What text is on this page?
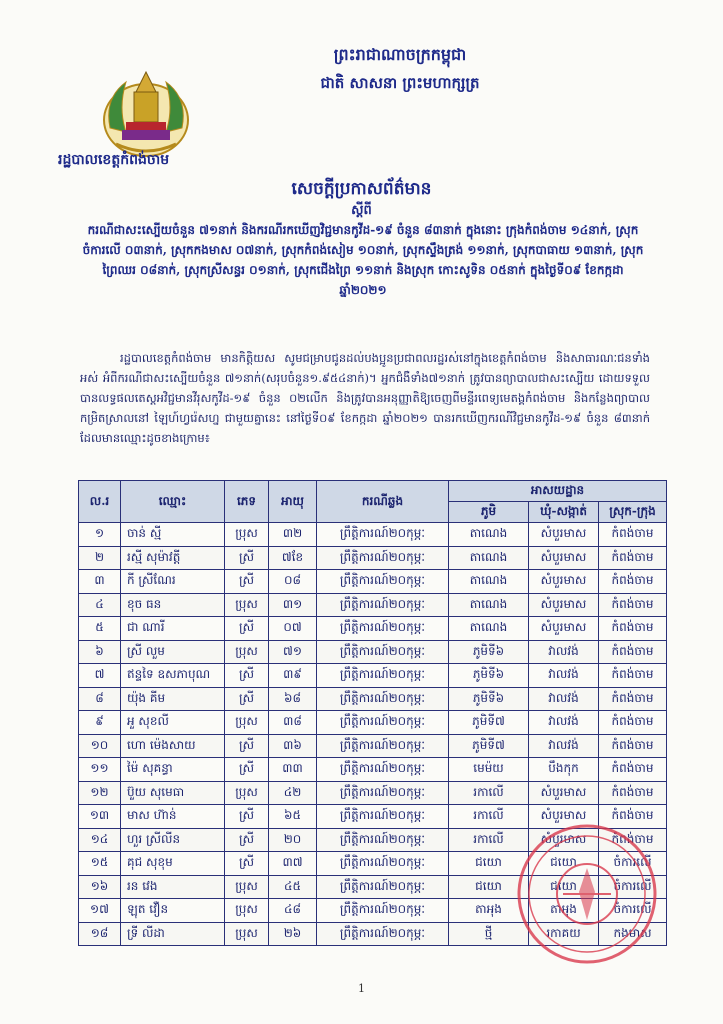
ព្រះរាជាណាចក្រកម្ពុជា
ជាតិ សាសនា ព្រះមហាក្សត្រ
រដ្ឋបាលខេត្តកំពង់ចាម
សេចក្ដីប្រកាសព័ត៌មាន
ស្ដីពី
ករណីជាសះស្បើយចំនួន ៧១នាក់ និងករណីរកឃើញវិជ្ជមានកូវីដ-១៩ ចំនួន ៨៣នាក់ ក្នុងនោះ ក្រុងកំពង់ចាម ១៤នាក់, ស្រុកចំការលើ ០៣នាក់, ស្រុកកងមាស ០៧នាក់, ស្រុកកំពង់សៀម ១០នាក់, ស្រុកស្ទឹងត្រង់ ១១នាក់, ស្រុកបាធាយ ១៣នាក់, ស្រុកព្រៃឈរ ០៨នាក់, ស្រុកស្រីសន្ធរ ០១នាក់, ស្រុកជើងព្រៃ ១១នាក់ និងស្រុក កោះសូទិន ០៥នាក់ ក្នុងថ្ងៃទី០៩ ខែកក្កដា ឆ្នាំ២០២១
រដ្ឋបាលខេត្តកំពង់ចាម មានកិត្តិយស សូមជម្រាបជូនដល់បងប្អូនប្រជាពលរដ្ឋរស់នៅក្នុងខេត្តកំពង់ចាម និងសាធារណៈជនទាំងអស់ អំពីករណីជាសះស្បើយចំនួន ៧១នាក់(សរុបចំនួន១.៩៥៤នាក់)។ អ្នកជំងឺទាំង៧១នាក់ ត្រូវបានព្យាបាលជាសះស្បើយ ដោយទទួលបានលទ្ធផលតេស្តអវិជ្ជមានវីរុសកូវីដ-១៩ ចំនួន ០២លើក និងត្រូវបានអនុញ្ញាតិឱ្យចេញពីមន្ទីរពេទ្យមេតង្គកំពង់ចាម និងកន្លែងព្យាបាលកម្រិតស្រាលនៅ ឡៃហ៍ហ្វរ៉េសហ្ន ជាមួយគ្នានេះ នៅថ្ងៃទី០៩ ខែកក្កដា ឆ្នាំ២០២១ បានរកឃើញករណីវិជ្ជមានកូវីដ-១៩ ចំនួន ៨៣នាក់ ដែលមានឈ្មោះដូចខាងក្រោម៖
ល.រ	ឈ្មោះ	ភេទ	អាយុ	ករណីឆ្លង	អាសយដ្ឋាន		
					ភូមិ	ឃុំ-សង្កាត់	ស្រុក-ក្រុង
១	ចាន់ ស្មី	ប្រុស	៣២	ព្រឹត្តិការណ៍២០កុម្ភៈ	តាណេង	សំបួរមាស	កំពង់ចាម
២	រស្មី សុម៉ាវត្តី	ស្រី	៧ខែ	ព្រឹត្តិការណ៍២០កុម្ភៈ	តាណេង	សំបួរមាស	កំពង់ចាម
៣	កី ស្រីណែរ	ស្រី	០៨	ព្រឹត្តិការណ៍២០កុម្ភៈ	តាណេង	សំបួរមាស	កំពង់ចាម
៤	ខុច ធន	ប្រុស	៣១	ព្រឹត្តិការណ៍២០កុម្ភៈ	តាណេង	សំបួរមាស	កំពង់ចាម
៥	ជា ណារី	ស្រី	០៧	ព្រឹត្តិការណ៍២០កុម្ភៈ	តាណេង	សំបួរមាស	កំពង់ចាម
៦	ស្រី លួម	ប្រុស	៧១	ព្រឹត្តិការណ៍២០កុម្ភៈ	ភូមិទី៦	វាលវង់	កំពង់ចាម
៧	ឥន្ទទៃ ឧសភាបុណ	ស្រី	៣៩	ព្រឹត្តិការណ៍២០កុម្ភៈ	ភូមិទី៦	វាលវង់	កំពង់ចាម
៨	យ៉ុង គីម	ស្រី	៦៨	ព្រឹត្តិការណ៍២០កុម្ភៈ	ភូមិទី៦	វាលវង់	កំពង់ចាម
៩	អួ សុខលី	ប្រុស	៣៨	ព្រឹត្តិការណ៍២០កុម្ភៈ	ភូមិទី៧	វាលវង់	កំពង់ចាម
១០	ហោ ម៉េងសាយ	ស្រី	៣៦	ព្រឹត្តិការណ៍២០កុម្ភៈ	ភូមិទី៧	វាលវង់	កំពង់ចាម
១១	ម៉ៃ សុគន្ធា	ស្រី	៣៣	ព្រឹត្តិការណ៍២០កុម្ភៈ	មេម៉យ	បឹងកុក	កំពង់ចាម
១២	ប៊ួយ សុមេធា	ប្រុស	៤២	ព្រឹត្តិការណ៍២០កុម្ភៈ	រកាលើ	សំបួរមាស	កំពង់ចាម
១៣	មាស ហ៊ាន់	ស្រី	៦៥	ព្រឹត្តិការណ៍២០កុម្ភៈ	រកាលើ	សំបួរមាស	កំពង់ចាម
១៤	ហួរ ស្រីលីន	ស្រី	២០	ព្រឹត្តិការណ៍២០កុម្ភៈ	រកាលើ	សំបួរមាស	កំពង់ចាម
១៥	គុជ សុខុម	ស្រី	៣៧	ព្រឹត្តិការណ៍២០កុម្ភៈ	ជយោ	ជយោ	ចំការលើ
១៦	រន វេង	ប្រុស	៤៥	ព្រឹត្តិការណ៍២០កុម្ភៈ	ជយោ	ជយោ	ចំការលើ
១៧	ឡុត វឿន	ប្រុស	៤៨	ព្រឹត្តិការណ៍២០កុម្ភៈ	តាអុង	តាអុង	ចំការលើ
១៨	ទ្រី លីដា	ប្រុស	២៦	ព្រឹត្តិការណ៍២០កុម្ភៈ	ថ្មី	រកាគយ	កងមាស
1
